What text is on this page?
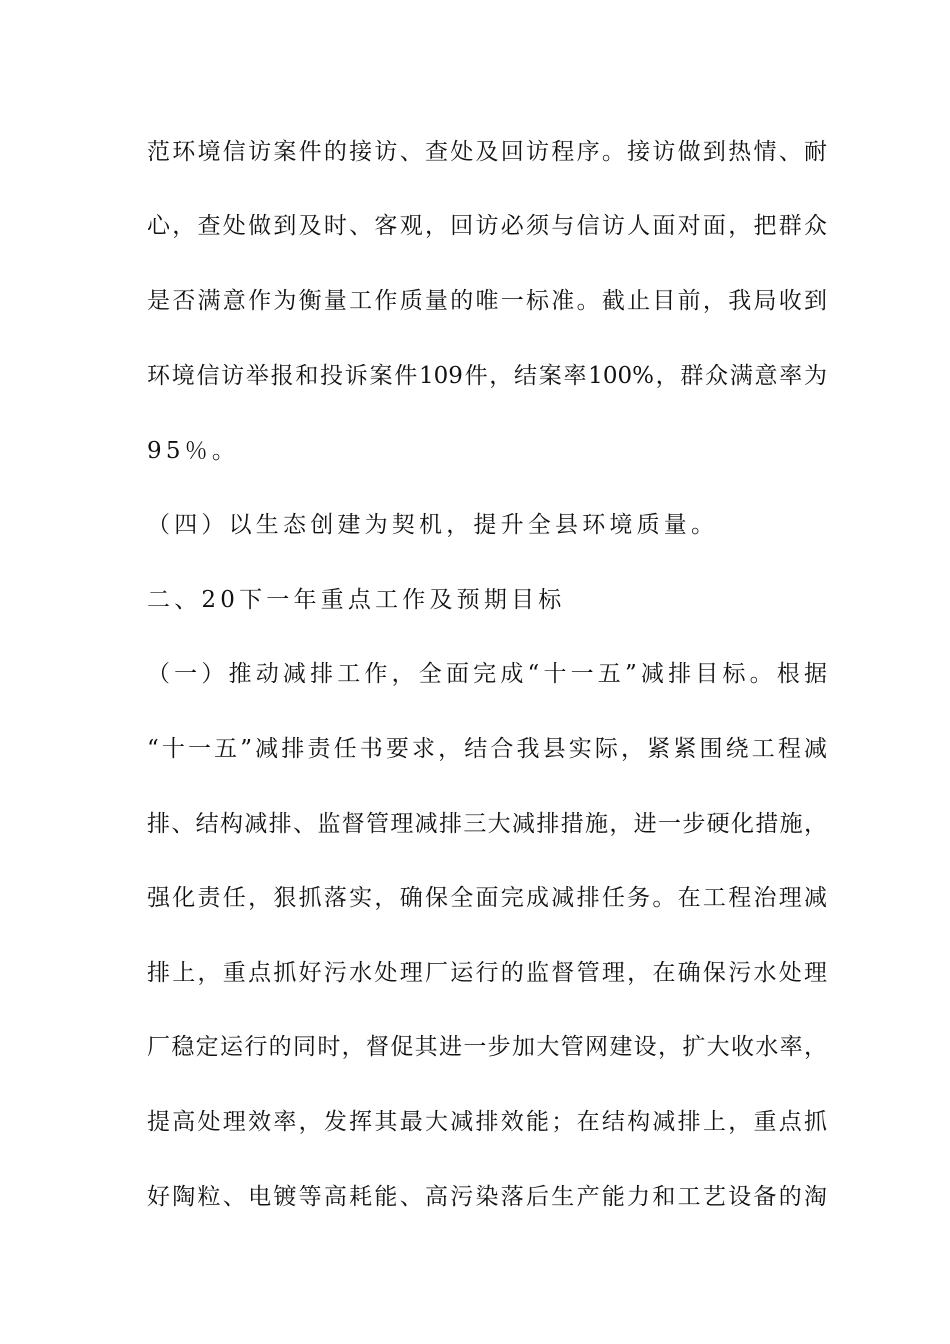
范环境信访案件的接访、查处及回访程序。接访做到热情、耐
心，查处做到及时、客观，回访必须与信访人面对面，把群众
是否满意作为衡量工作质量的唯一标准。截止目前，我局收到
环境信访举报和投诉案件109件，结案率100%，群众满意率为
95％。
（四）以生态创建为契机，提升全县环境质量。
二、20下一年重点工作及预期目标
（一）推动减排工作，全面完成“十一五”减排目标。根据
“十一五”减排责任书要求，结合我县实际，紧紧围绕工程减
排、结构减排、监督管理减排三大减排措施，进一步硬化措施，
强化责任，狠抓落实，确保全面完成减排任务。在工程治理减
排上，重点抓好污水处理厂运行的监督管理，在确保污水处理
厂稳定运行的同时，督促其进一步加大管网建设，扩大收水率，
提高处理效率，发挥其最大减排效能；在结构减排上，重点抓
好陶粒、电镀等高耗能、高污染落后生产能力和工艺设备的淘
